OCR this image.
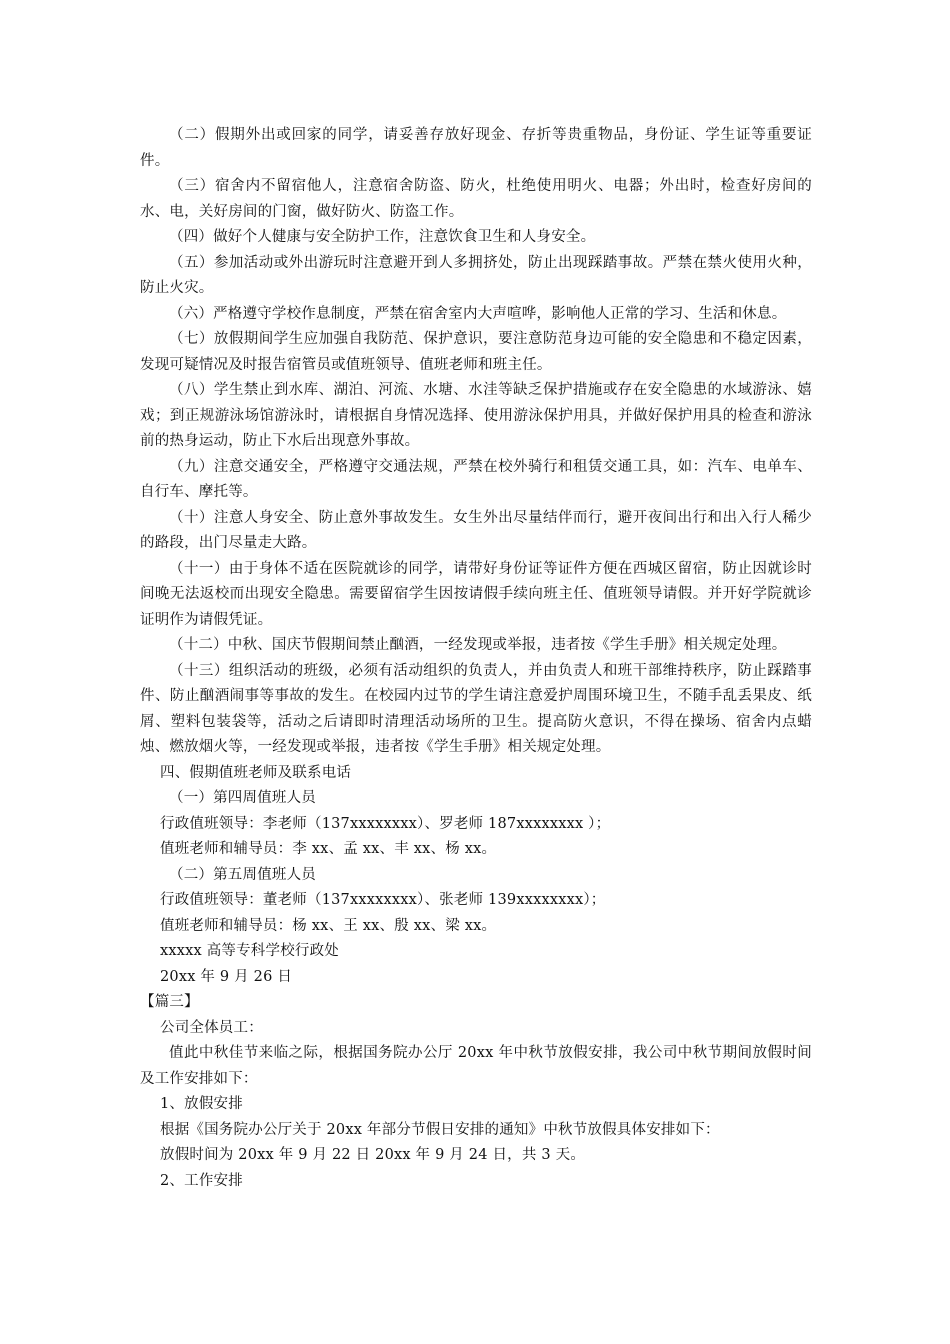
（二）假期外出或回家的同学，请妥善存放好现金、存折等贵重物品，身份证、学生证等重要证件。

（三）宿舍内不留宿他人，注意宿舍防盗、防火，杜绝使用明火、电器；外出时，检查好房间的水、电，关好房间的门窗，做好防火、防盗工作。

（四）做好个人健康与安全防护工作，注意饮食卫生和人身安全。

（五）参加活动或外出游玩时注意避开到人多拥挤处，防止出现踩踏事故。严禁在禁火使用火种，防止火灾。

（六）严格遵守学校作息制度，严禁在宿舍室内大声喧哗，影响他人正常的学习、生活和休息。

（七）放假期间学生应加强自我防范、保护意识，要注意防范身边可能的安全隐患和不稳定因素，发现可疑情况及时报告宿管员或值班领导、值班老师和班主任。

（八）学生禁止到水库、湖泊、河流、水塘、水洼等缺乏保护措施或存在安全隐患的水域游泳、嬉戏；到正规游泳场馆游泳时，请根据自身情况选择、使用游泳保护用具，并做好保护用具的检查和游泳前的热身运动，防止下水后出现意外事故。

（九）注意交通安全，严格遵守交通法规，严禁在校外骑行和租赁交通工具，如：汽车、电单车、自行车、摩托等。

（十）注意人身安全、防止意外事故发生。女生外出尽量结伴而行，避开夜间出行和出入行人稀少的路段，出门尽量走大路。

（十一）由于身体不适在医院就诊的同学，请带好身份证等证件方便在西城区留宿，防止因就诊时间晚无法返校而出现安全隐患。需要留宿学生因按请假手续向班主任、值班领导请假。并开好学院就诊证明作为请假凭证。

（十二）中秋、国庆节假期间禁止酗酒，一经发现或举报，违者按《学生手册》相关规定处理。

（十三）组织活动的班级，必须有活动组织的负责人，并由负责人和班干部维持秩序，防止踩踏事件、防止酗酒闹事等事故的发生。在校园内过节的学生请注意爱护周围环境卫生，不随手乱丢果皮、纸屑、塑料包装袋等，活动之后请即时清理活动场所的卫生。提高防火意识，不得在操场、宿舍内点蜡烛、燃放烟火等，一经发现或举报，违者按《学生手册》相关规定处理。

四、假期值班老师及联系电话

（一）第四周值班人员

行政值班领导：李老师（137xxxxxxxx）、罗老师 187xxxxxxxx ）；

值班老师和辅导员：李 xx、孟 xx、丰 xx、杨 xx。

（二）第五周值班人员

行政值班领导：董老师（137xxxxxxxx）、张老师 139xxxxxxxx）；

值班老师和辅导员：杨 xx、王 xx、殷 xx、梁 xx。

xxxxx 高等专科学校行政处

20xx 年 9 月 26 日

【篇三】

公司全体员工：

值此中秋佳节来临之际，根据国务院办公厅 20xx 年中秋节放假安排，我公司中秋节期间放假时间及工作安排如下：

1、放假安排

根据《国务院办公厅关于 20xx 年部分节假日安排的通知》中秋节放假具体安排如下：

放假时间为 20xx 年 9 月 22 日 20xx 年 9 月 24 日，共 3 天。

2、工作安排
